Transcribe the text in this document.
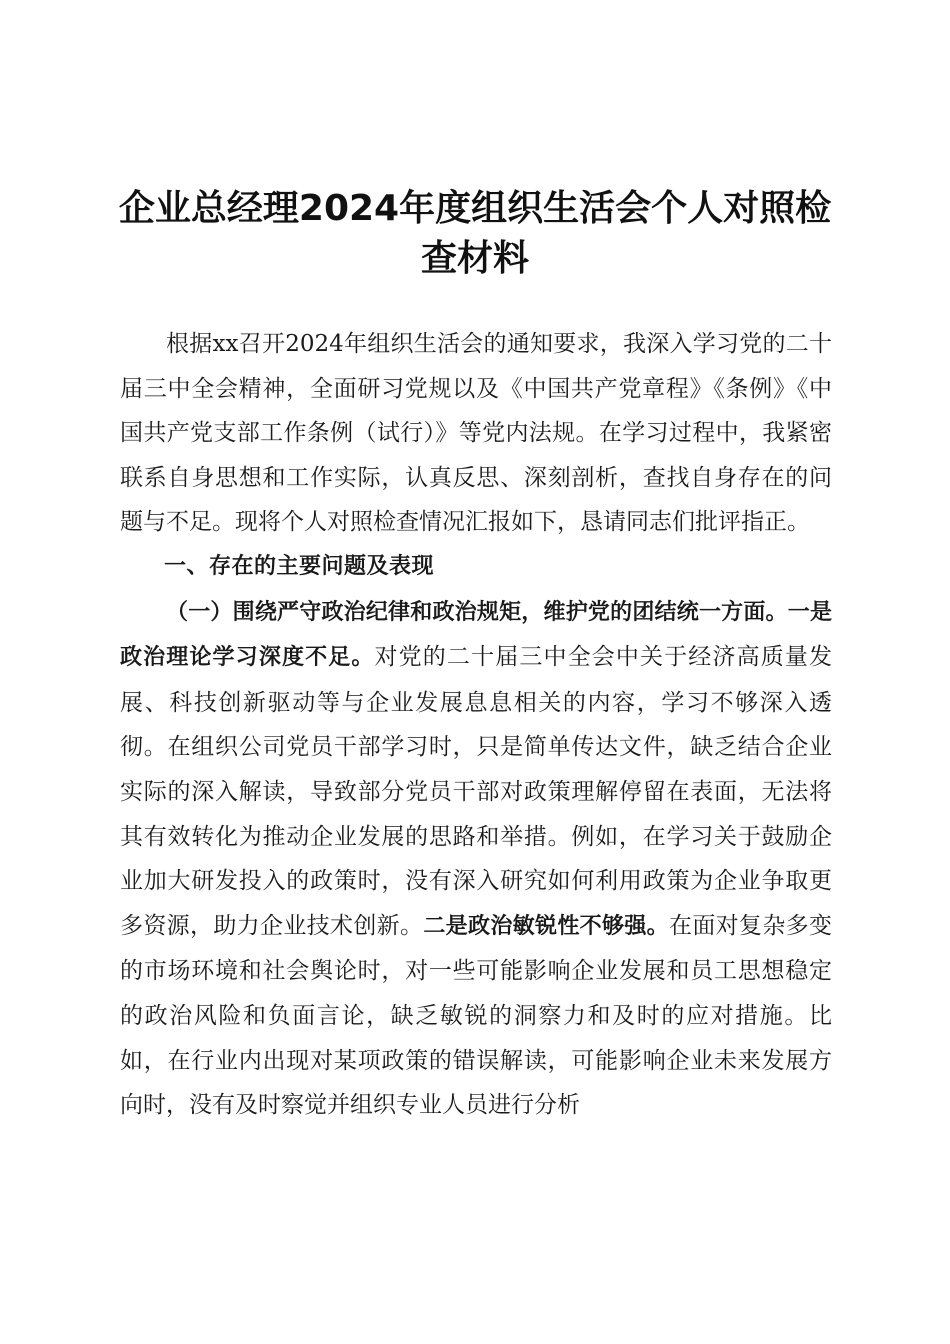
企业总经理2024年度组织生活会个人对照检查材料

根据xx召开2024年组织生活会的通知要求，我深入学习党的二十届三中全会精神，全面研习党规以及《中国共产党章程》《条例》《中国共产党支部工作条例（试行）》等党内法规。在学习过程中，我紧密联系自身思想和工作实际，认真反思、深刻剖析，查找自身存在的问题与不足。现将个人对照检查情况汇报如下，恳请同志们批评指正。

一、存在的主要问题及表现

（一）围绕严守政治纪律和政治规矩，维护党的团结统一方面。一是政治理论学习深度不足。对党的二十届三中全会中关于经济高质量发展、科技创新驱动等与企业发展息息相关的内容，学习不够深入透彻。在组织公司党员干部学习时，只是简单传达文件，缺乏结合企业实际的深入解读，导致部分党员干部对政策理解停留在表面，无法将其有效转化为推动企业发展的思路和举措。例如，在学习关于鼓励企业加大研发投入的政策时，没有深入研究如何利用政策为企业争取更多资源，助力企业技术创新。二是政治敏锐性不够强。在面对复杂多变的市场环境和社会舆论时，对一些可能影响企业发展和员工思想稳定的政治风险和负面言论，缺乏敏锐的洞察力和及时的应对措施。比如，在行业内出现对某项政策的错误解读，可能影响企业未来发展方向时，没有及时察觉并组织专业人员进行分析
